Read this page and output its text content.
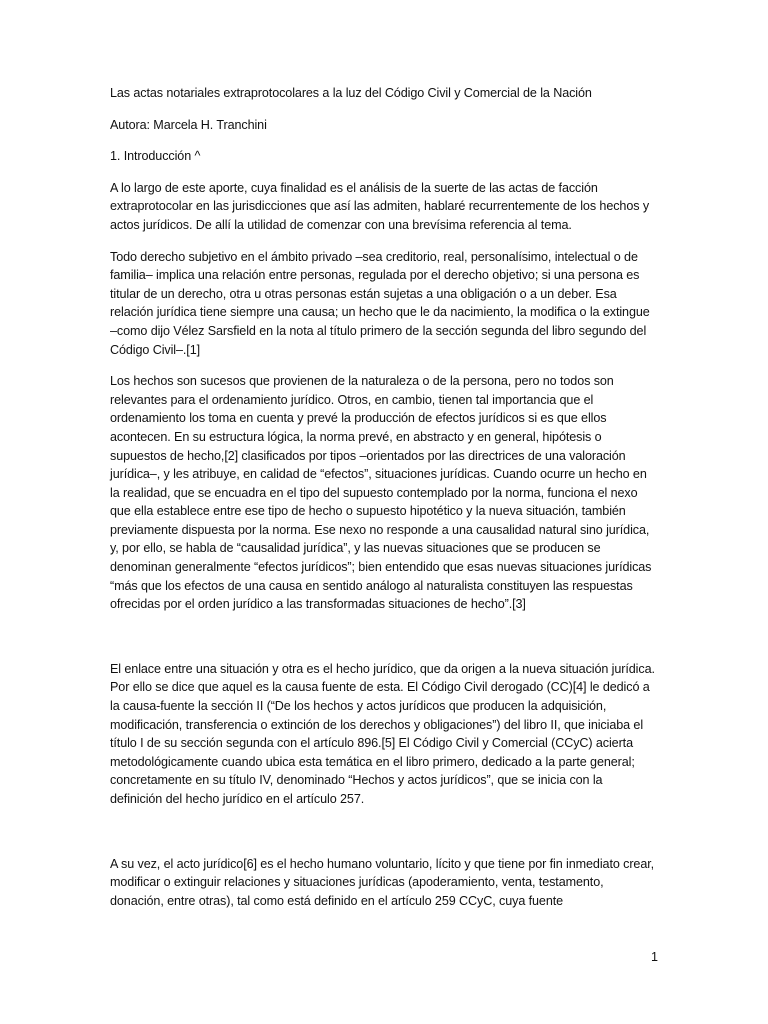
Las actas notariales extraprotocolares a la luz del Código Civil y Comercial de la Nación

Autora: Marcela H. Tranchini

1. Introducción ^

A lo largo de este aporte, cuya finalidad es el análisis de la suerte de las actas de facción extraprotocolar en las jurisdicciones que así las admiten, hablaré recurrentemente de los hechos y actos jurídicos. De allí la utilidad de comenzar con una brevísima referencia al tema.

Todo derecho subjetivo en el ámbito privado –sea creditorio, real, personalísimo, intelectual o de familia– implica una relación entre personas, regulada por el derecho objetivo; si una persona es titular de un derecho, otra u otras personas están sujetas a una obligación o a un deber. Esa relación jurídica tiene siempre una causa; un hecho que le da nacimiento, la modifica o la extingue –como dijo Vélez Sarsfield en la nota al título primero de la sección segunda del libro segundo del Código Civil–.[1]

Los hechos son sucesos que provienen de la naturaleza o de la persona, pero no todos son relevantes para el ordenamiento jurídico. Otros, en cambio, tienen tal importancia que el ordenamiento los toma en cuenta y prevé la producción de efectos jurídicos si es que ellos acontecen. En su estructura lógica, la norma prevé, en abstracto y en general, hipótesis o supuestos de hecho,[2] clasificados por tipos –orientados por las directrices de una valoración jurídica–, y les atribuye, en calidad de “efectos”, situaciones jurídicas. Cuando ocurre un hecho en la realidad, que se encuadra en el tipo del supuesto contemplado por la norma, funciona el nexo que ella establece entre ese tipo de hecho o supuesto hipotético y la nueva situación, también previamente dispuesta por la norma. Ese nexo no responde a una causalidad natural sino jurídica, y, por ello, se habla de “causalidad jurídica”, y las nuevas situaciones que se producen se denominan generalmente “efectos jurídicos”; bien entendido que esas nuevas situaciones jurídicas “más que los efectos de una causa en sentido análogo al naturalista constituyen las respuestas ofrecidas por el orden jurídico a las transformadas situaciones de hecho”.[3]

El enlace entre una situación y otra es el hecho jurídico, que da origen a la nueva situación jurídica. Por ello se dice que aquel es la causa fuente de esta. El Código Civil derogado (CC)[4] le dedicó a la causa-fuente la sección II (“De los hechos y actos jurídicos que producen la adquisición, modificación, transferencia o extinción de los derechos y obligaciones”) del libro II, que iniciaba el título I de su sección segunda con el artículo 896.[5] El Código Civil y Comercial (CCyC) acierta metodológicamente cuando ubica esta temática en el libro primero, dedicado a la parte general; concretamente en su título IV, denominado “Hechos y actos jurídicos”, que se inicia con la definición del hecho jurídico en el artículo 257.

A su vez, el acto jurídico[6] es el hecho humano voluntario, lícito y que tiene por fin inmediato crear, modificar o extinguir relaciones y situaciones jurídicas (apoderamiento, venta, testamento, donación, entre otras), tal como está definido en el artículo 259 CCyC, cuya fuente

1
